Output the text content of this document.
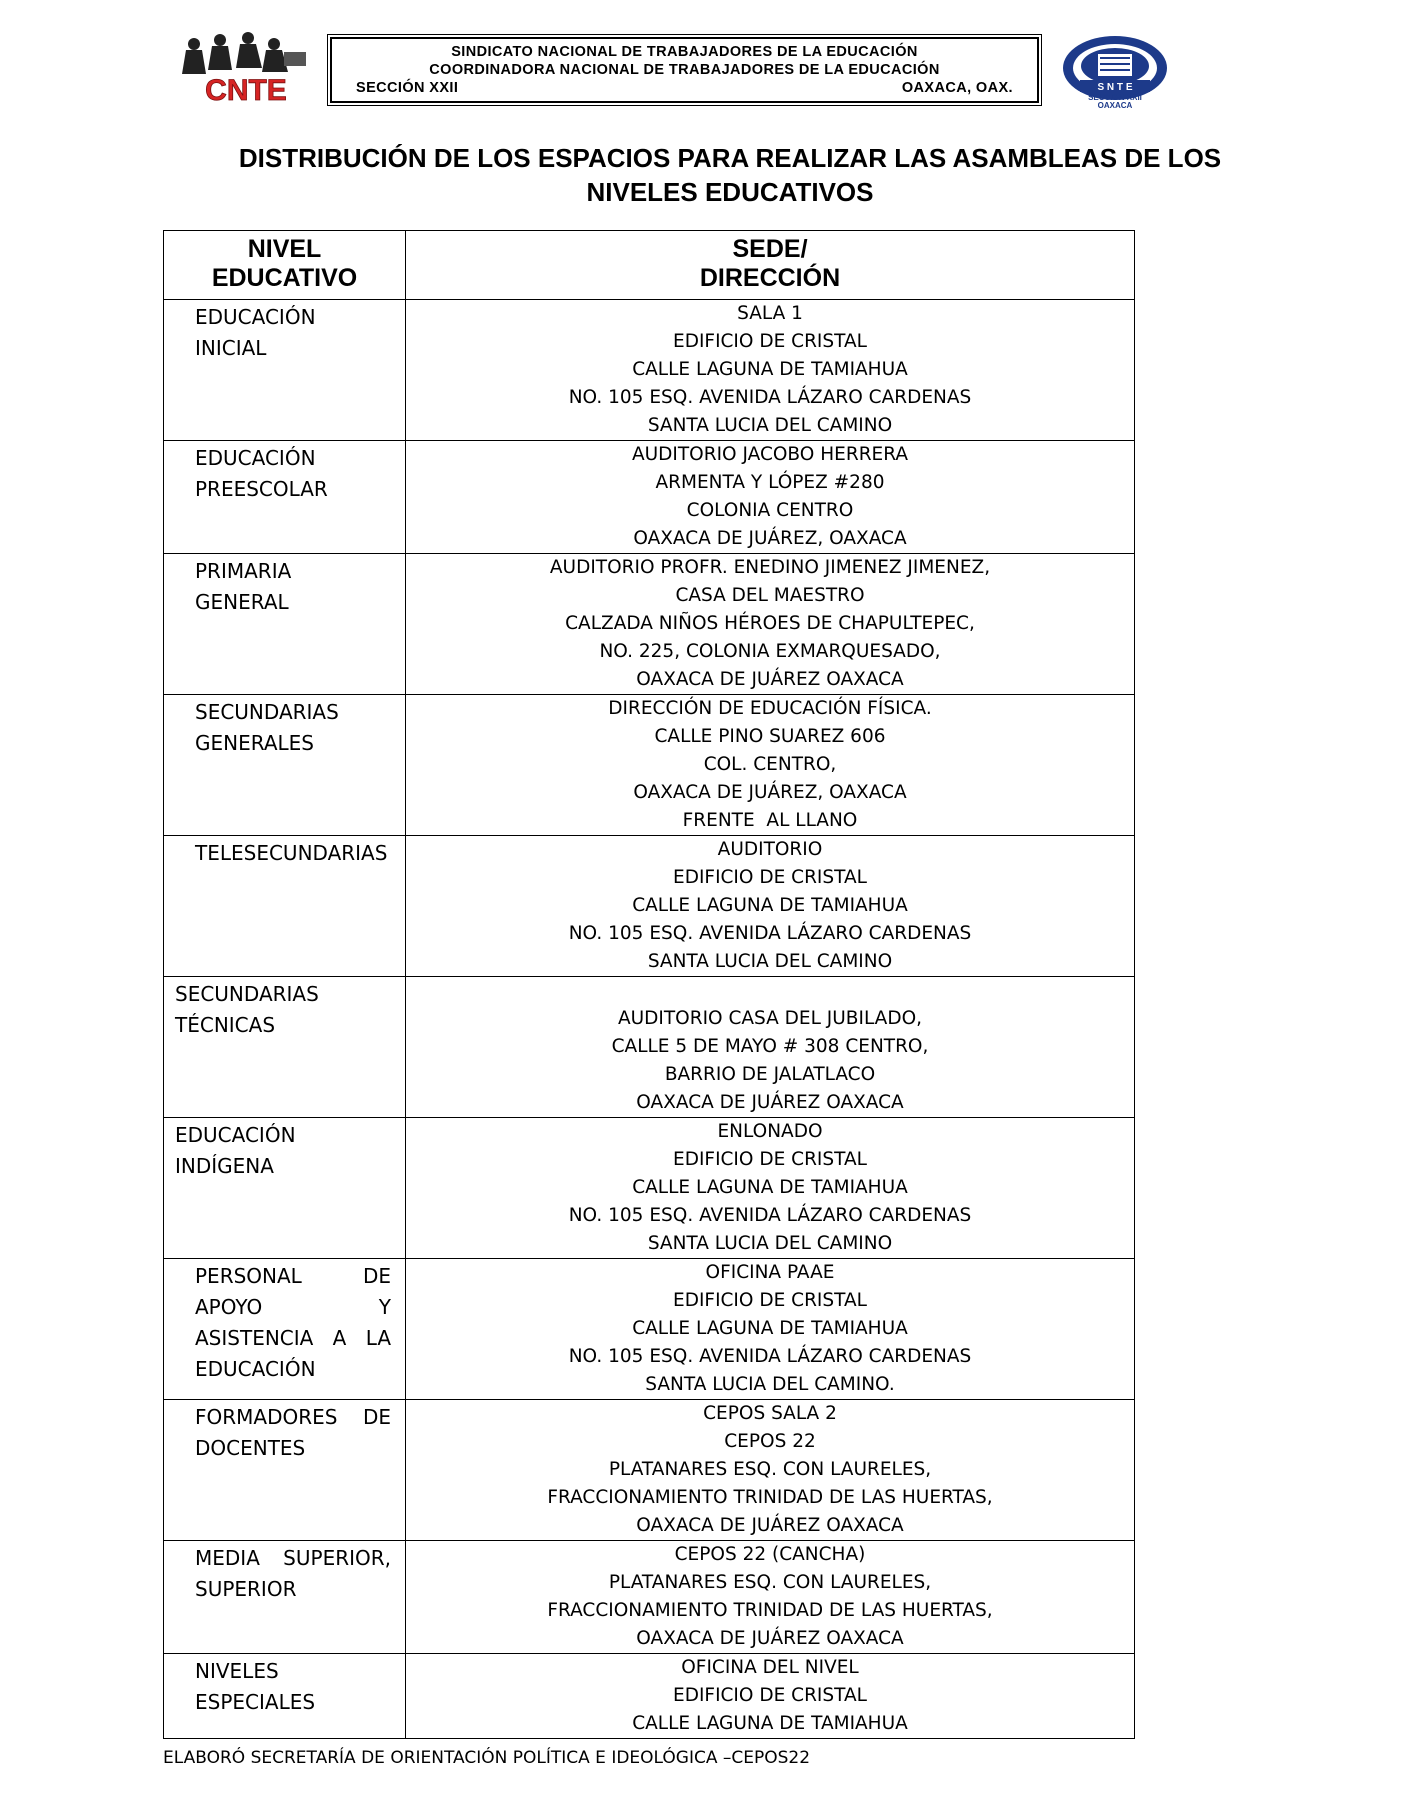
CNTE
SINDICATO NACIONAL DE TRABAJADORES DE LA EDUCACIÓN
COORDINADORA NACIONAL DE TRABAJADORES DE LA EDUCACIÓN
SECCIÓN XXII	OAXACA, OAX.	S N T E
SECCION XXII
OAXACA
DISTRIBUCIÓN DE LOS ESPACIOS PARA REALIZAR LAS ASAMBLEAS DE LOS
NIVELES EDUCATIVOS
NIVEL
EDUCATIVO	SEDE/
DIRECCIÓN
EDUCACIÓN INICIAL	SALA 1
EDIFICIO DE CRISTAL
CALLE LAGUNA DE TAMIAHUA
NO. 105 ESQ. AVENIDA LÁZARO CARDENAS
SANTA LUCIA DEL CAMINO

EDUCACIÓN PREESCOLAR	AUDITORIO JACOBO HERRERA
ARMENTA Y LÓPEZ #280
COLONIA CENTRO
OAXACA DE JUÁREZ, OAXACA

PRIMARIA GENERAL	AUDITORIO PROFR. ENEDINO JIMENEZ JIMENEZ,
CASA DEL MAESTRO
CALZADA NIÑOS HÉROES DE CHAPULTEPEC,
NO. 225, COLONIA EXMARQUESADO,
OAXACA DE JUÁREZ OAXACA

SECUNDARIAS GENERALES	DIRECCIÓN DE EDUCACIÓN FÍSICA.
CALLE PINO SUAREZ 606
COL. CENTRO,
OAXACA DE JUÁREZ, OAXACA
FRENTE  AL LLANO

TELESECUNDARIAS	AUDITORIO
EDIFICIO DE CRISTAL
CALLE LAGUNA DE TAMIAHUA
NO. 105 ESQ. AVENIDA LÁZARO CARDENAS
SANTA LUCIA DEL CAMINO

SECUNDARIAS TÉCNICAS	AUDITORIO CASA DEL JUBILADO,
CALLE 5 DE MAYO # 308 CENTRO,
BARRIO DE JALATLACO
OAXACA DE JUÁREZ OAXACA

EDUCACIÓN INDÍGENA	ENLONADO
EDIFICIO DE CRISTAL
CALLE LAGUNA DE TAMIAHUA
NO. 105 ESQ. AVENIDA LÁZARO CARDENAS
SANTA LUCIA DEL CAMINO

PERSONAL DE APOYO Y ASISTENCIA A LA EDUCACIÓN	OFICINA PAAE
EDIFICIO DE CRISTAL
CALLE LAGUNA DE TAMIAHUA
NO. 105 ESQ. AVENIDA LÁZARO CARDENAS
SANTA LUCIA DEL CAMINO.

FORMADORES DE DOCENTES	CEPOS SALA 2
CEPOS 22
PLATANARES ESQ. CON LAURELES,
FRACCIONAMIENTO TRINIDAD DE LAS HUERTAS,
OAXACA DE JUÁREZ OAXACA

MEDIA SUPERIOR, SUPERIOR	CEPOS 22 (CANCHA)
PLATANARES ESQ. CON LAURELES,
FRACCIONAMIENTO TRINIDAD DE LAS HUERTAS,
OAXACA DE JUÁREZ OAXACA

NIVELES ESPECIALES	OFICINA DEL NIVEL
EDIFICIO DE CRISTAL
CALLE LAGUNA DE TAMIAHUA
ELABORÓ SECRETARÍA DE ORIENTACIÓN POLÍTICA E IDEOLÓGICA –CEPOS22
